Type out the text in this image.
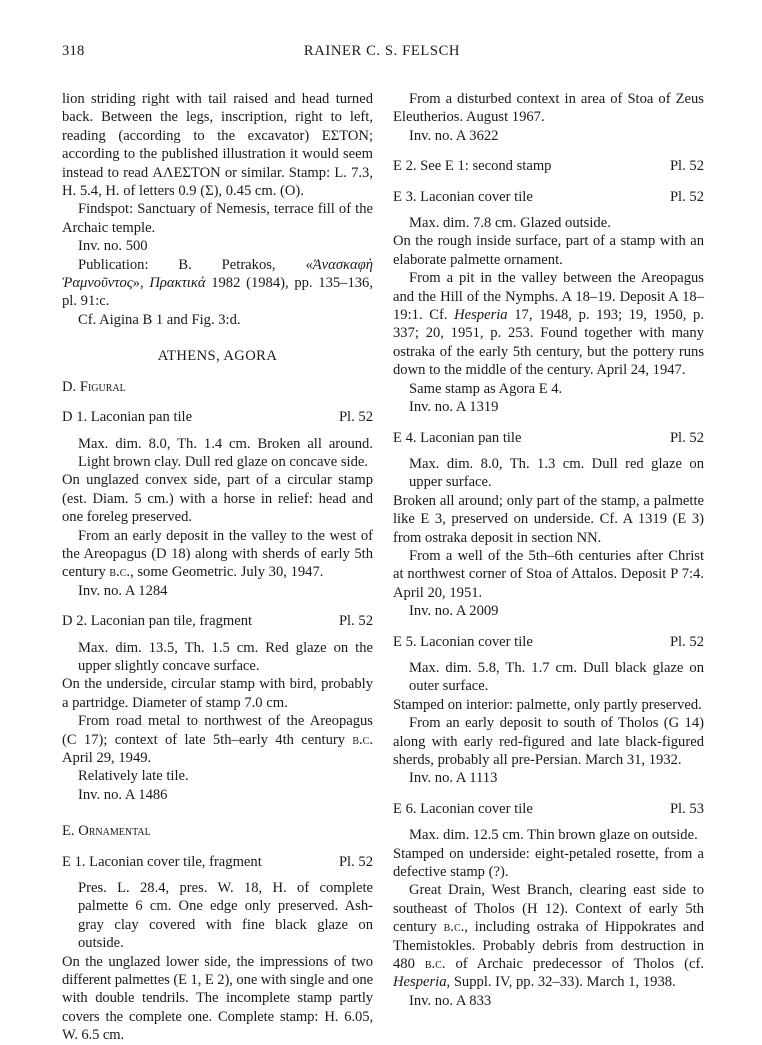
318	RAINER C. S. FELSCH

lion striding right with tail raised and head turned back. Between the legs, inscription, right to left, reading (according to the excavator) ΕΣΤΟΝ; according to the published illustration it would seem instead to read ΑΛΕΣΤΟΝ or similar. Stamp: L. 7.3, H. 5.4, H. of letters 0.9 (Σ), 0.45 cm. (O).

Findspot: Sanctuary of Nemesis, terrace fill of the Archaic temple.

Inv. no. 500

Publication: B. Petrakos, «Ἀνασκαφὴ Ῥαμνοῦντος», Πρακτικά 1982 (1984), pp. 135–136, pl. 91:c.

Cf. Aigina B 1 and Fig. 3:d.

ATHENS, AGORA

D. Figural

D 1. Laconian pan tile	Pl. 52

Max. dim. 8.0, Th. 1.4 cm. Broken all around. Light brown clay. Dull red glaze on concave side.

On unglazed convex side, part of a circular stamp (est. Diam. 5 cm.) with a horse in relief: head and one foreleg preserved.

From an early deposit in the valley to the west of the Areopagus (D 18) along with sherds of early 5th century b.c., some Geometric. July 30, 1947.

Inv. no. A 1284

D 2. Laconian pan tile, fragment	Pl. 52

Max. dim. 13.5, Th. 1.5 cm. Red glaze on the upper slightly concave surface.

On the underside, circular stamp with bird, probably a partridge. Diameter of stamp 7.0 cm.

From road metal to northwest of the Areopagus (C 17); context of late 5th–early 4th century b.c. April 29, 1949.

Relatively late tile.

Inv. no. A 1486

E. Ornamental

E 1. Laconian cover tile, fragment	Pl. 52

Pres. L. 28.4, pres. W. 18, H. of complete palmette 6 cm. One edge only preserved. Ash-gray clay covered with fine black glaze on outside.

On the unglazed lower side, the impressions of two different palmettes (E 1, E 2), one with single and one with double tendrils. The incomplete stamp partly covers the complete one. Complete stamp: H. 6.05, W. 6.5 cm.

From a disturbed context in area of Stoa of Zeus Eleutherios. August 1967.

Inv. no. A 3622

E 2. See E 1: second stamp	Pl. 52
E 3. Laconian cover tile	Pl. 52

Max. dim. 7.8 cm. Glazed outside.

On the rough inside surface, part of a stamp with an elaborate palmette ornament.

From a pit in the valley between the Areopagus and the Hill of the Nymphs. A 18–19. Deposit A 18–19:1. Cf. Hesperia 17, 1948, p. 193; 19, 1950, p. 337; 20, 1951, p. 253. Found together with many ostraka of the early 5th century, but the pottery runs down to the middle of the century. April 24, 1947.

Same stamp as Agora E 4.

Inv. no. A 1319

E 4. Laconian pan tile	Pl. 52

Max. dim. 8.0, Th. 1.3 cm. Dull red glaze on upper surface.

Broken all around; only part of the stamp, a palmette like E 3, preserved on underside. Cf. A 1319 (E 3) from ostraka deposit in section NN.

From a well of the 5th–6th centuries after Christ at northwest corner of Stoa of Attalos. Deposit P 7:4. April 20, 1951.

Inv. no. A 2009

E 5. Laconian cover tile	Pl. 52

Max. dim. 5.8, Th. 1.7 cm. Dull black glaze on outer surface.

Stamped on interior: palmette, only partly preserved.

From an early deposit to south of Tholos (G 14) along with early red-figured and late black-figured sherds, probably all pre-Persian. March 31, 1932.

Inv. no. A 1113

E 6. Laconian cover tile	Pl. 53

Max. dim. 12.5 cm. Thin brown glaze on outside.

Stamped on underside: eight-petaled rosette, from a defective stamp (?).

Great Drain, West Branch, clearing east side to southeast of Tholos (H 12). Context of early 5th century b.c., including ostraka of Hippokrates and Themistokles. Probably debris from destruction in 480 b.c. of Archaic predecessor of Tholos (cf. Hesperia, Suppl. IV, pp. 32–33). March 1, 1938.

Inv. no. A 833
